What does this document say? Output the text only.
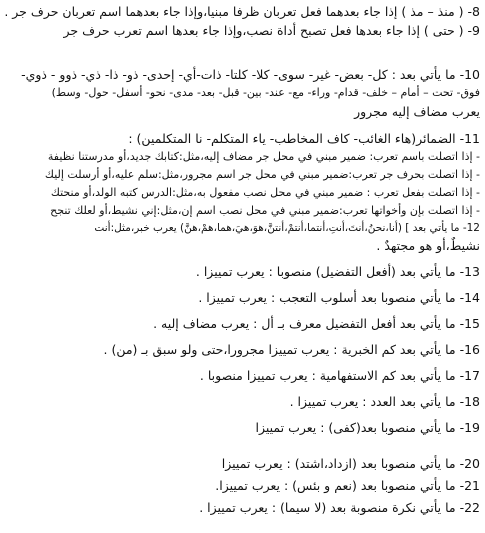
8- ( منذ – مذ ) إذا جاء بعدهما فعل تعربان ظرفا مبنيا،وإذا جاء بعدهما اسم تعربان حرف جر .
9- ( حتى ) إذا جاء بعدها فعل تصبح أداة نصب،وإذا جاء بعدها اسم تعرب حرف جر
10- ما يأتي بعد : كل- بعض- غير- سوى- كلا- كلتا- ذات-أي- إحدى- ذو- ذا- ذي- ذوو - ذوي-
فوق- تحت – أمام – خلف- قدام- وراء- مع- عند- بين- قبل- بعد- مدى- نحو- أسفل- حول- وسط)
يعرب مضاف إليه مجرور
11- الضمائر(هاء الغائب- كاف المخاطب- ياء المتكلم- نا المتكلمين) :
- إذا اتصلت باسم تعرب: ضمير مبني في محل جر مضاف إليه،مثل:كتابك جديد،أو مدرستنا نظيفة
- إذا اتصلت بحرف جر تعرب:ضمير مبني في محل جر اسم مجرور،مثل:سلم عليه،أو أرسلت إليك
- إذا اتصلت بفعل تعرب : ضمير مبني في محل نصب مفعول به،مثل:الدرس كتبه الولد،أو منحتك
- إذا اتصلت بإن وأخواتها تعرب:ضمير مبني في محل نصب اسم إن،مثل:إني نشيط،أو لعلك تنجح
12- ما يأتي بعد ] (أنا،نحنُ،أنتَ،أنتِ،أنتما،أنتمْ،أنتنَّ،هوَ،هيَ،هما،همْ،هنَّ) يعرب خبر،مثل:أنت
نشيطٌ،أو هو مجتهدٌ .
13- ما يأتي بعد (أفعل التفضيل) منصوبا : يعرب تمييزا .
14- ما يأتي منصوبا بعد أسلوب التعجب : يعرب تمييزا .
15- ما يأتي بعد أفعل التفضيل معرف بـ أل : يعرب مضاف إليه .
16- ما يأتي بعد كم الخبرية : يعرب تمييزا مجرورا،حتى ولو سبق بـ (من) .
17- ما يأتي بعد كم الاستفهامية : يعرب تمييزا منصوبا .
18- ما يأتي بعد العدد : يعرب تمييزا .
19- ما يأتي منصوبا بعد(كفى) : يعرب تمييزا
20- ما يأتي منصوبا بعد (ازداد،اشتد) : يعرب تمييزا
21- ما يأتي منصوبا بعد (نعم و بئس) : يعرب تمييزا.
22- ما يأتي نكرة منصوبة بعد (لا سيما) : يعرب تمييزا .
